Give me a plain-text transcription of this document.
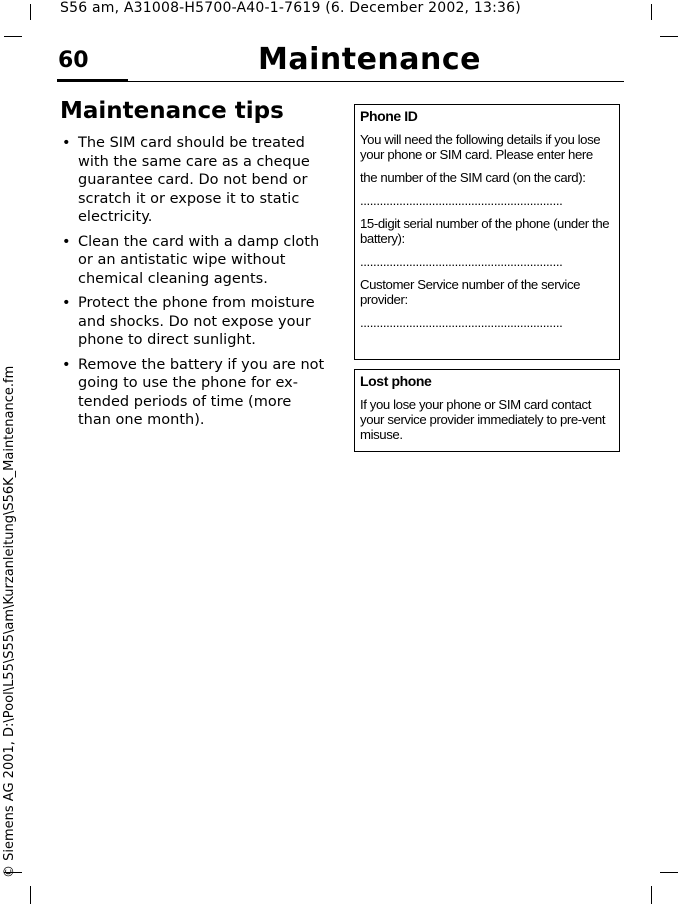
S56 am, A31008-H5700-A40-1-7619 (6. December 2002, 13:36)
© Siemens AG 2001, D:\Pool\L55\S55\am\Kurzanleitung\S56K_Maintenance.fm
60	Maintenance
Maintenance tips
• The SIM card should be treated with the same care as a cheque guarantee card. Do not bend or scratch it or expose it to static electricity.
• Clean the card with a damp cloth or an antistatic wipe without chemical cleaning agents.
• Protect the phone from moisture and shocks. Do not expose your phone to direct sunlight.
• Remove the battery if you are not going to use the phone for ex-tended periods of time (more than one month).

Phone ID

You will need the following details if you lose your phone or SIM card. Please enter here

the number of the SIM card (on the card):

..............................................................

15-digit serial number of the phone (under the battery):

..............................................................

Customer Service number of the service provider:

..............................................................

Lost phone

If you lose your phone or SIM card contact your service provider immediately to pre-vent misuse.
